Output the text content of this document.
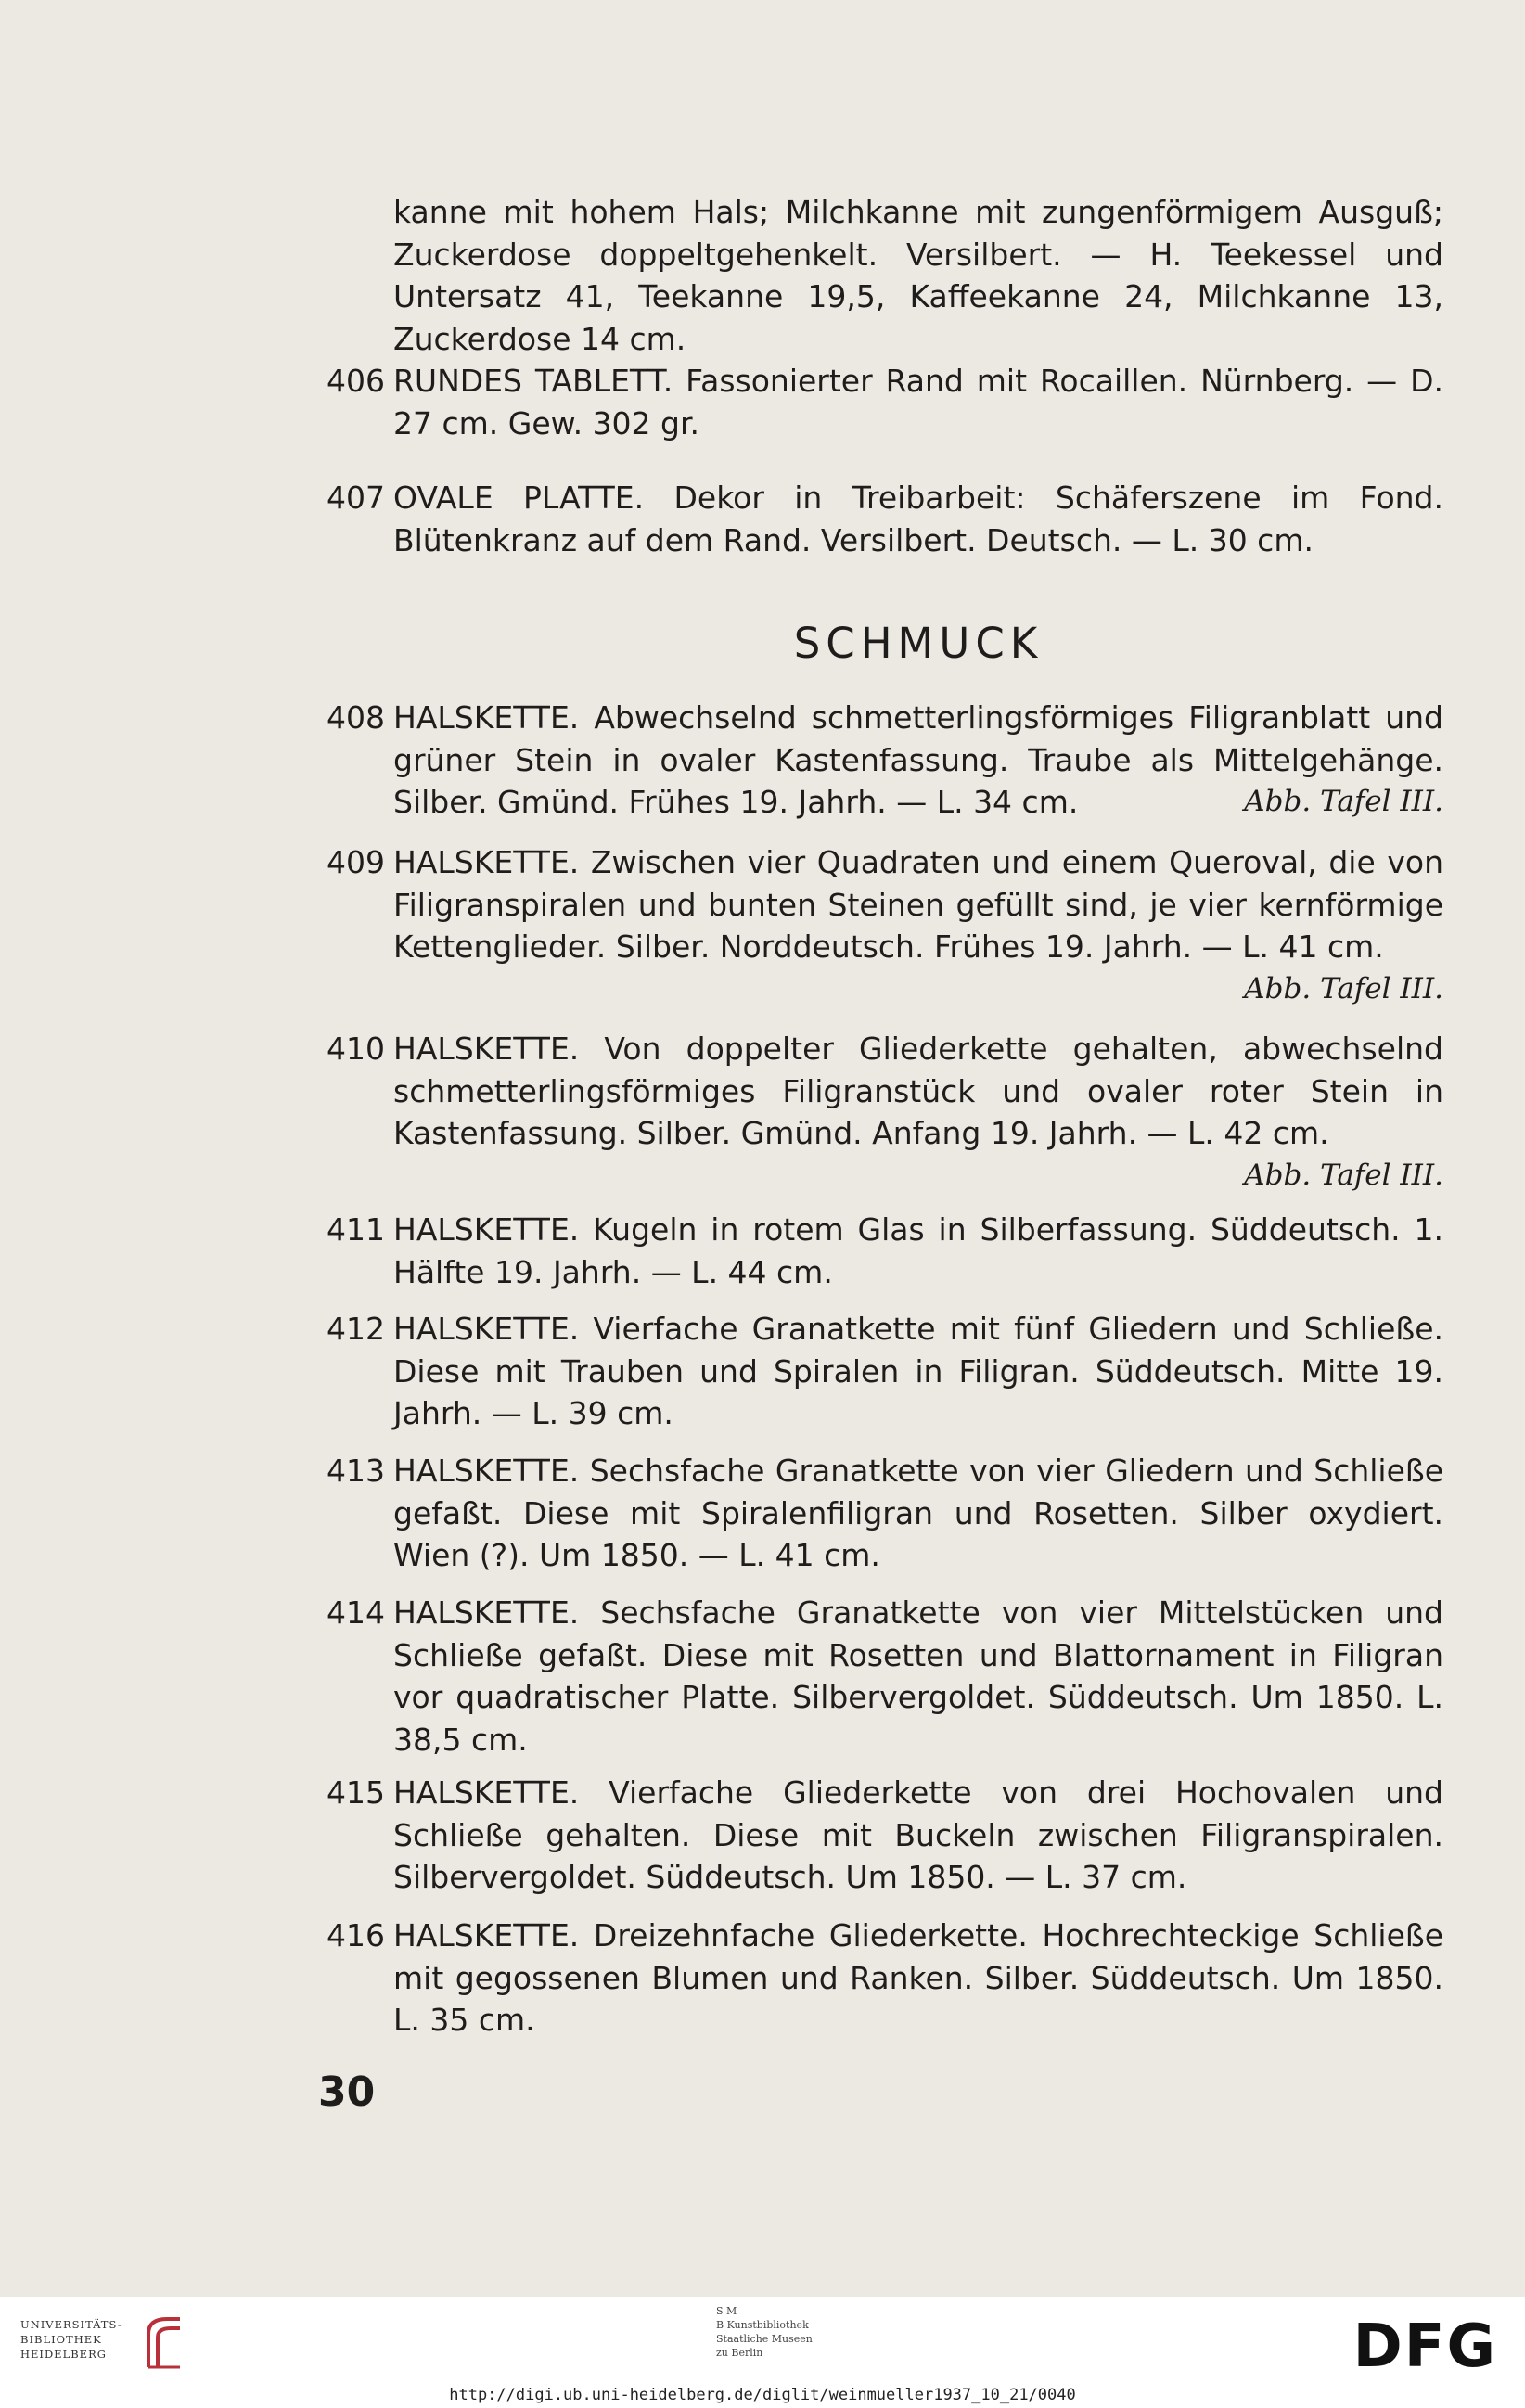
kanne mit hohem Hals; Milchkanne mit zungenförmigem Ausguß; Zuckerdose doppeltgehenkelt. Versilbert. — H. Teekessel und Untersatz 41, Teekanne 19,5, Kaffeekanne 24, Milchkanne 13, Zuckerdose 14 cm.
406 RUNDES TABLETT. Fassonierter Rand mit Rocaillen. Nürnberg. — D. 27 cm. Gew. 302 gr.
407 OVALE PLATTE. Dekor in Treibarbeit: Schäferszene im Fond. Blütenkranz auf dem Rand. Versilbert. Deutsch. — L. 30 cm.
SCHMUCK
408 HALSKETTE. Abwechselnd schmetterlingsförmiges Filigranblatt und grüner Stein in ovaler Kastenfassung. Traube als Mittelgehänge. Silber. Gmünd. Frühes 19. Jahrh. — L. 34 cm.	Abb. Tafel III.
409 HALSKETTE. Zwischen vier Quadraten und einem Queroval, die von Filigranspiralen und bunten Steinen gefüllt sind, je vier kernförmige Kettenglieder. Silber. Norddeutsch. Frühes 19. Jahrh. — L. 41 cm.
Abb. Tafel III.
410 HALSKETTE. Von doppelter Gliederkette gehalten, abwechselnd schmetterlingsförmiges Filigranstück und ovaler roter Stein in Kastenfassung. Silber. Gmünd. Anfang 19. Jahrh. — L. 42 cm.
Abb. Tafel III.
411 HALSKETTE. Kugeln in rotem Glas in Silberfassung. Süddeutsch. 1. Hälfte 19. Jahrh. — L. 44 cm.
412 HALSKETTE. Vierfache Granatkette mit fünf Gliedern und Schließe. Diese mit Trauben und Spiralen in Filigran. Süddeutsch. Mitte 19. Jahrh. — L. 39 cm.
413 HALSKETTE. Sechsfache Granatkette von vier Gliedern und Schließe gefaßt. Diese mit Spiralenfiligran und Rosetten. Silber oxydiert. Wien (?). Um 1850. — L. 41 cm.
414 HALSKETTE. Sechsfache Granatkette von vier Mittelstücken und Schließe gefaßt. Diese mit Rosetten und Blattornament in Filigran vor quadratischer Platte. Silbervergoldet. Süddeutsch. Um 1850. L. 38,5 cm.
415 HALSKETTE. Vierfache Gliederkette von drei Hochovalen und Schließe gehalten. Diese mit Buckeln zwischen Filigranspiralen. Silbervergoldet. Süddeutsch. Um 1850. — L. 37 cm.
416 HALSKETTE. Dreizehnfache Gliederkette. Hochrechteckige Schließe mit gegossenen Blumen und Ranken. Silber. Süddeutsch. Um 1850. L. 35 cm.
30
UNIVERSITÄTS-
BIBLIOTHEK
HEIDELBERG
S M
B Kunstbibliothek
Staatliche Museen
zu Berlin	DFG
http://digi.ub.uni-heidelberg.de/diglit/weinmueller1937_10_21/0040
